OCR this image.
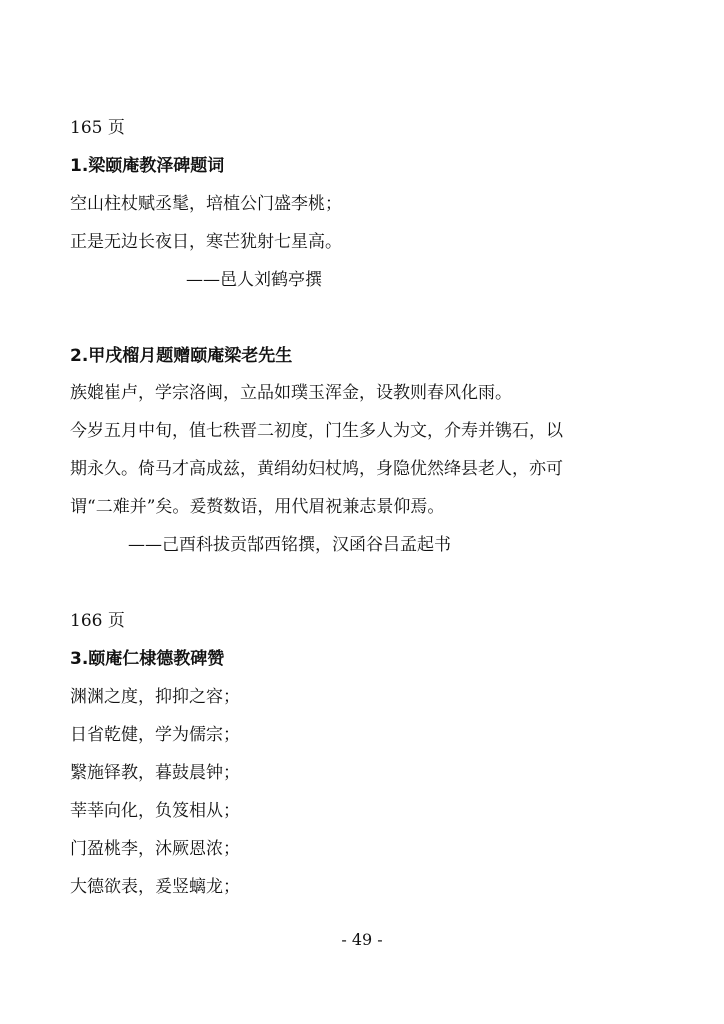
165 页
1.梁颐庵教泽碑题词
空山柱杖赋丞髦，培植公门盛李桃；
正是无边长夜日，寒芒犹射七星高。
——邑人刘鹤亭撰
2.甲戌榴月题赠颐庵梁老先生
族媲崔卢，学宗洛闽，立品如璞玉浑金，设教则春风化雨。
今岁五月中旬，值七秩晋二初度，门生多人为文，介寿并镌石，以
期永久。倚马才高成兹，黄绢幼妇杖鸠，身隐优然绛县老人，亦可
谓“二难并”矣。爰赘数语，用代眉祝兼志景仰焉。
——己酉科拔贡郜西铭撰，汉函谷吕孟起书
166 页
3.颐庵仁棣德教碑赞
渊渊之度，抑抑之容；
日省乾健，学为儒宗；
繄施铎教，暮鼓晨钟；
莘莘向化，负笈相从；
门盈桃李，沐厥恩浓；
大德欲表，爰竖螭龙；
- 49 -
